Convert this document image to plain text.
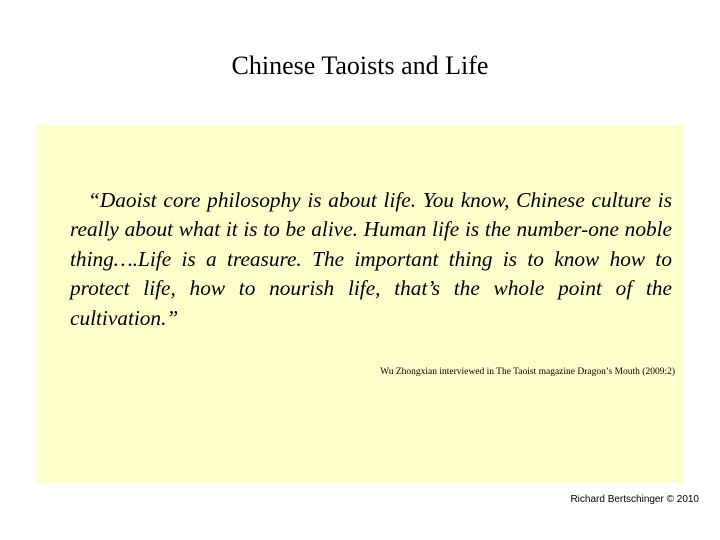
Chinese Taoists and Life

“Daoist core philosophy is about life. You know, Chinese culture is really about what it is to be alive. Human life is the number-one noble thing….Life is a treasure. The important thing is to know how to protect life, how to nourish life, that’s the whole point of the cultivation.”

Wu Zhongxian interviewed in The Taoist magazine Dragon’s Mouth (2009:2)
Richard Bertschinger © 2010
